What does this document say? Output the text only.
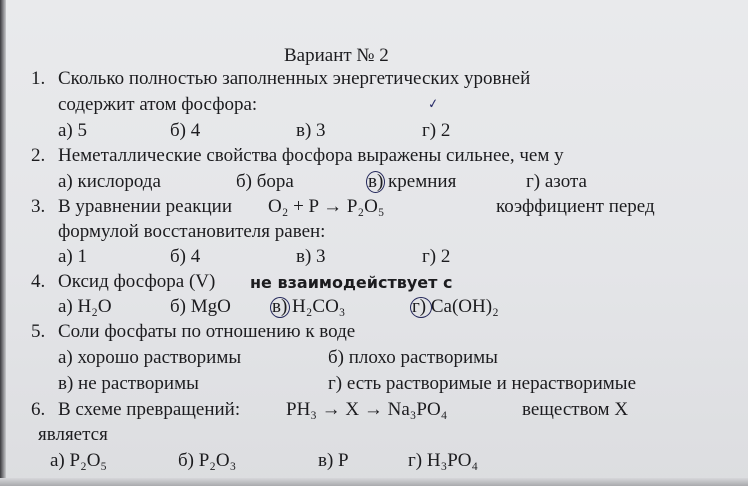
Вариант № 2
1. Сколько полностью заполненных энергетических уровней
содержит атом фосфора:	✓
а) 5	б) 4	в) 3	г) 2
2. Неметаллические свойства фосфора выражены сильнее, чем у
а) кислорода	б) бора	в) кремния	г) азота
3. В уравнении реакции O₂ + P → P₂O₅	коэффициент перед
формулой восстановителя равен:
а) 1	б) 4	в) 3	г) 2
4. Оксид фосфора (V) не взаимодействует с
а) H₂O	б) MgO в) H₂CO₃	г) Ca(OH)₂
5. Соли фосфаты по отношению к воде
а) хорошо растворимы	б) плохо растворимы
в) не растворимы	г) есть растворимые и нерастворимые
6. В схеме превращений: PH₃ → X → Na₃PO₄	веществом X
является
а) P₂O₅	б) P₂O₃	в) P	г) H₃PO₄
